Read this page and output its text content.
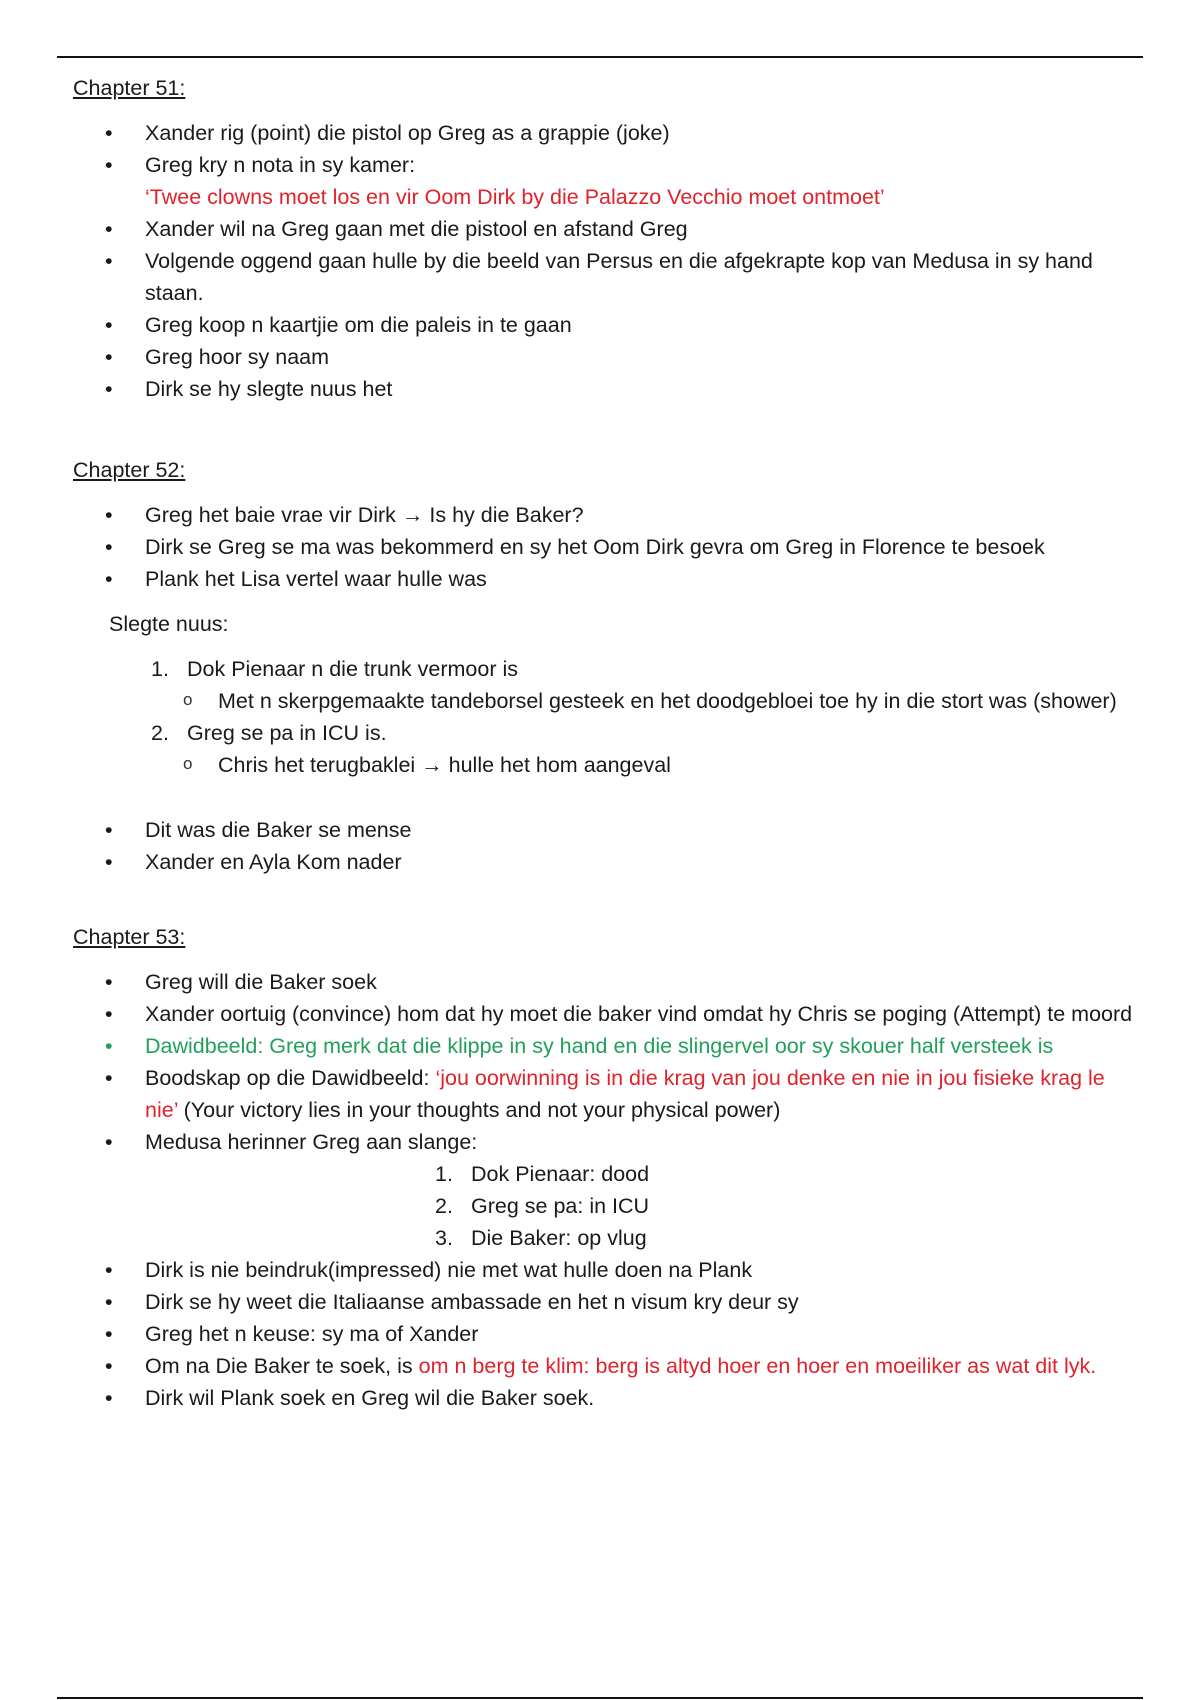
Chapter 51:
• Xander rig (point) die pistol op Greg as a grappie (joke)
• Greg kry n nota in sy kamer:
‘Twee clowns moet los en vir Oom Dirk by die Palazzo Vecchio moet ontmoet’
• Xander wil na Greg gaan met die pistool en afstand Greg
• Volgende oggend gaan hulle by die beeld van Persus en die afgekrapte kop van Medusa in sy hand staan.
• Greg koop n kaartjie om die paleis in te gaan
• Greg hoor sy naam
• Dirk se hy slegte nuus het
Chapter 52:
• Greg het baie vrae vir Dirk → Is hy die Baker?
• Dirk se Greg se ma was bekommerd en sy het Oom Dirk gevra om Greg in Florence te besoek
• Plank het Lisa vertel waar hulle was
Slegte nuus:
1. Dok Pienaar n die trunk vermoor is
o Met n skerpgemaakte tandeborsel gesteek en het doodgebloei toe hy in die stort was (shower)
2. Greg se pa in ICU is.
o Chris het terugbaklei → hulle het hom aangeval
• Dit was die Baker se mense
• Xander en Ayla Kom nader
Chapter 53:
• Greg will die Baker soek
• Xander oortuig (convince) hom dat hy moet die baker vind omdat hy Chris se poging (Attempt) te moord
• Dawidbeeld: Greg merk dat die klippe in sy hand en die slingervel oor sy skouer half versteek is
• Boodskap op die Dawidbeeld: ‘jou oorwinning is in die krag van jou denke en nie in jou fisieke krag le nie’ (Your victory lies in your thoughts and not your physical power)
• Medusa herinner Greg aan slange:
1. Dok Pienaar: dood
2. Greg se pa: in ICU
3. Die Baker: op vlug
• Dirk is nie beindruk(impressed) nie met wat hulle doen na Plank
• Dirk se hy weet die Italiaanse ambassade en het n visum kry deur sy
• Greg het n keuse: sy ma of Xander
• Om na Die Baker te soek, is om n berg te klim: berg is altyd hoer en hoer en moeiliker as wat dit lyk.
• Dirk wil Plank soek en Greg wil die Baker soek.
